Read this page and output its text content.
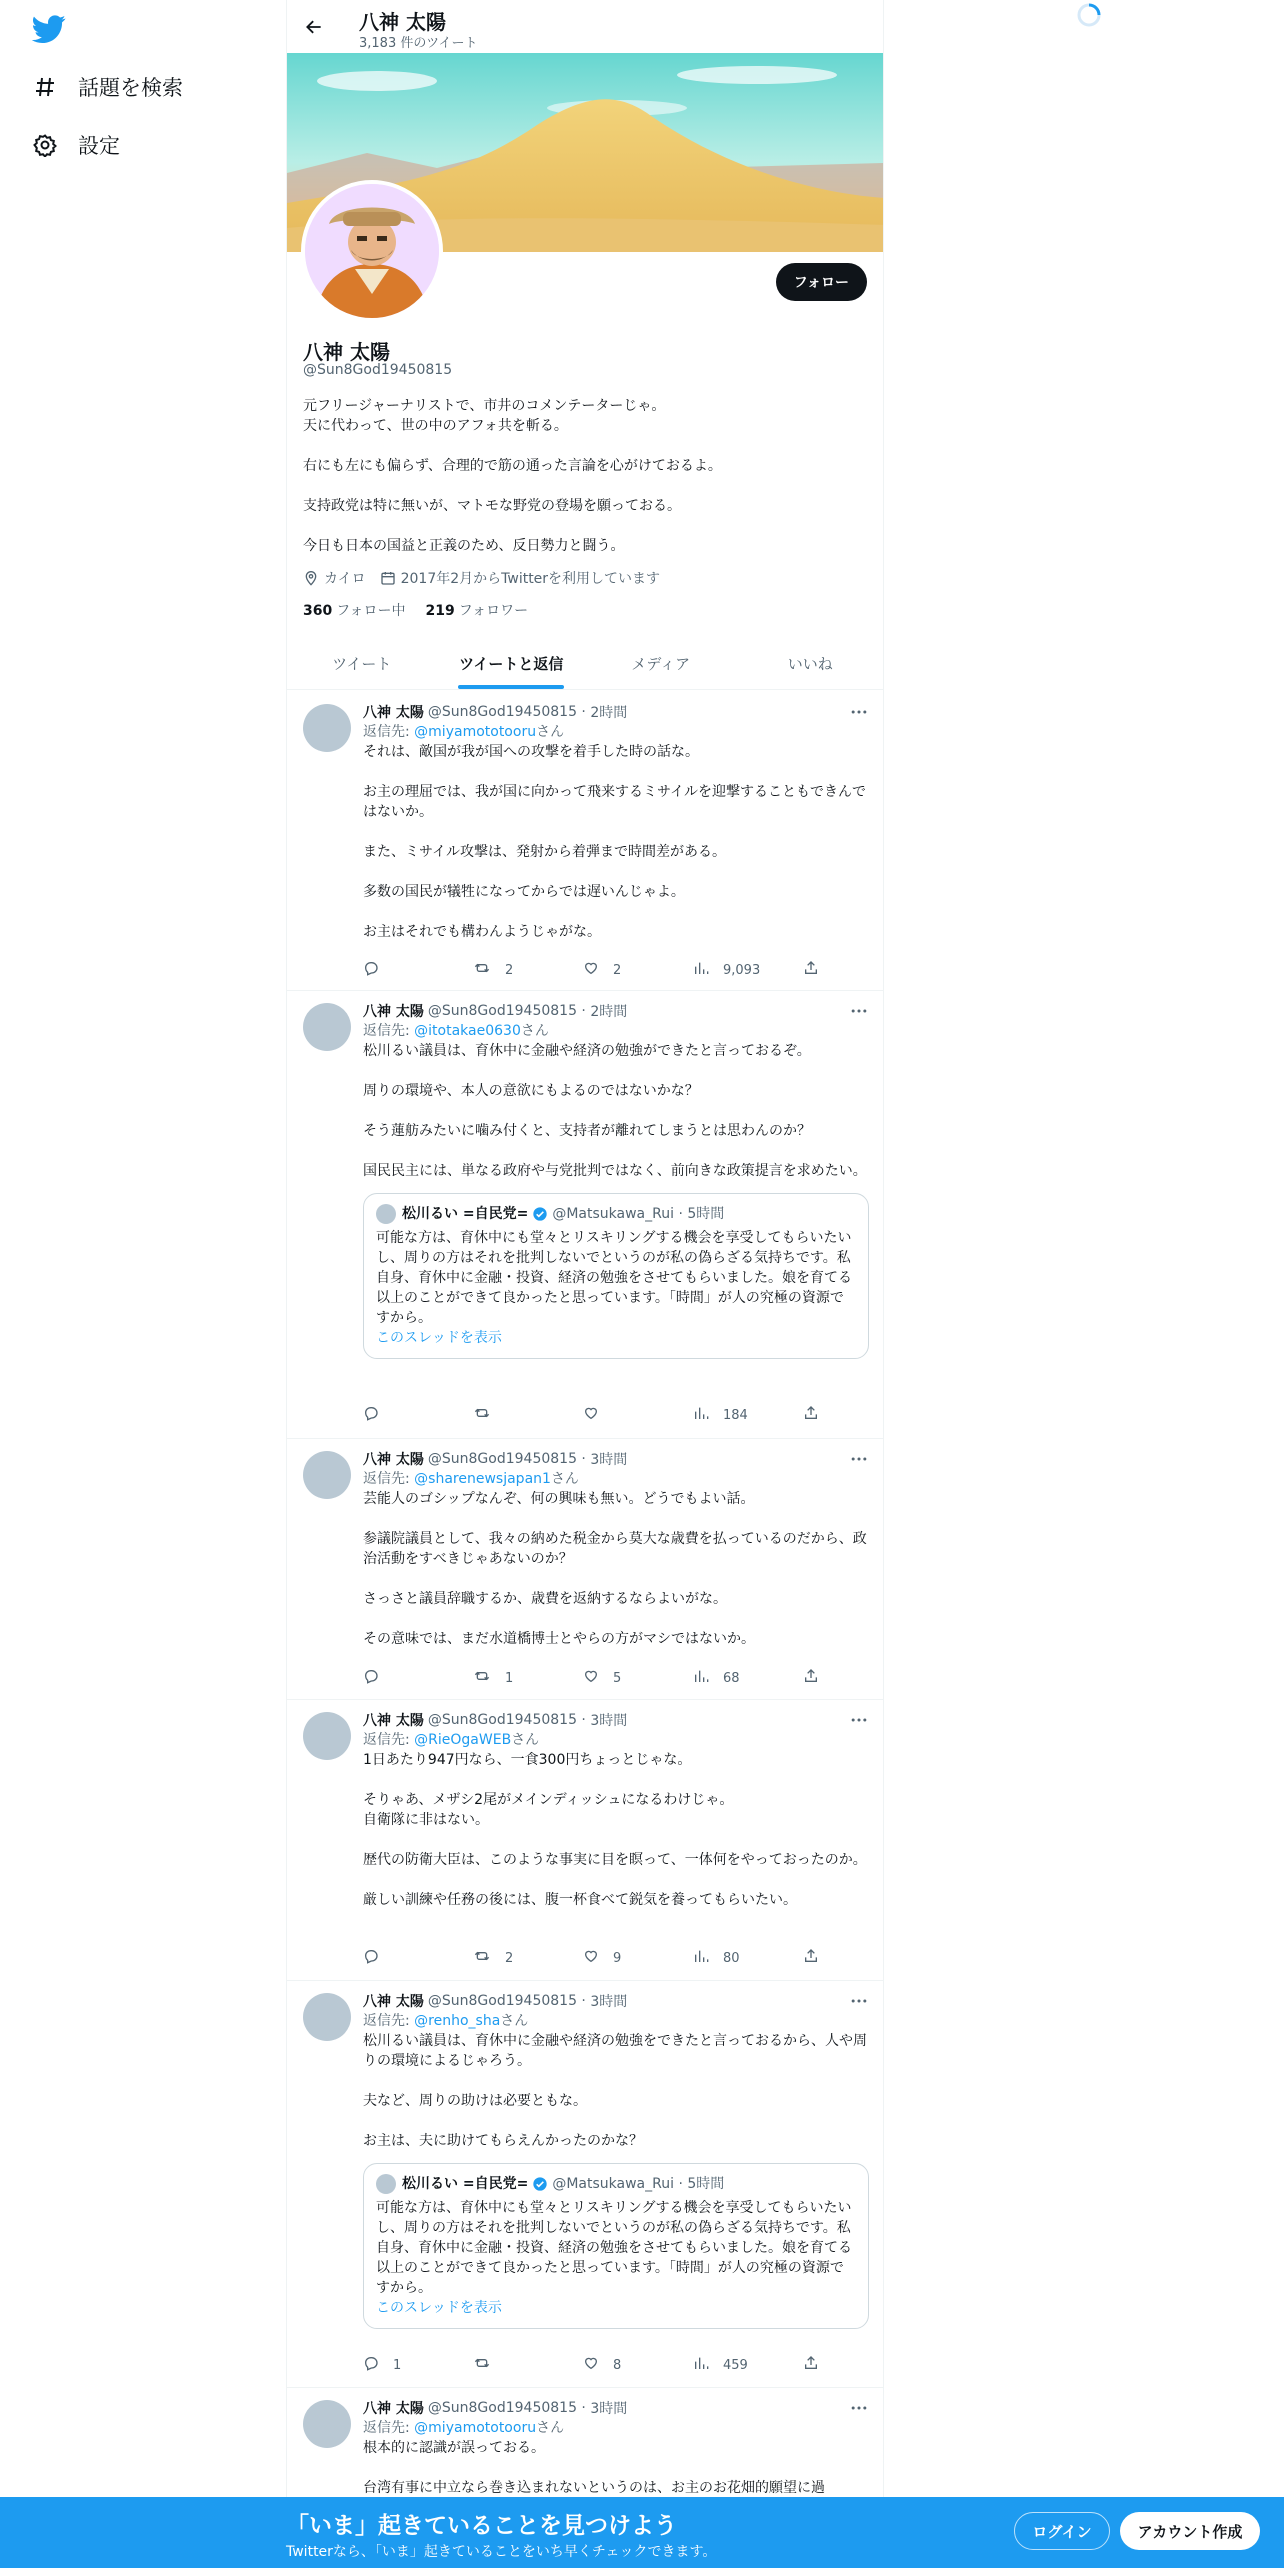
話題を検索
設定
八神 太陽
3,183 件のツイート
フォロー
八神 太陽
@Sun8God19450815

元フリージャーナリストで、市井のコメンテーターじゃ。
天に代わって、世の中のアフォ共を斬る。

右にも左にも偏らず、合理的で筋の通った言論を心がけておるよ。

支持政党は特に無いが、マトモな野党の登場を願っておる。

今日も日本の国益と正義のため、反日勢力と闘う。

カイロ	2017年2月からTwitterを利用しています
360 フォロー中 219 フォロワー
ツイート	ツイートと返信	メディア	いいね
八神 太陽 @Sun8God19450815 · 2時間
返信先: @miyamototooruさん

それは、敵国が我が国への攻撃を着手した時の話な。

お主の理屈では、我が国に向かって飛来するミサイルを迎撃することもできんではないか。

また、ミサイル攻撃は、発射から着弾まで時間差がある。

多数の国民が犠牲になってからでは遅いんじゃよ。

お主はそれでも構わんようじゃがな。

2	2	9,093
八神 太陽 @Sun8God19450815 · 2時間
返信先: @itotakae0630さん

松川るい議員は、育休中に金融や経済の勉強ができたと言っておるぞ。

周りの環境や、本人の意欲にもよるのではないかな？

そう蓮舫みたいに噛み付くと、支持者が離れてしまうとは思わんのか？

国民民主には、単なる政府や与党批判ではなく、前向きな政策提言を求めたい。

松川るい =自民党= @Matsukawa_Rui · 5時間
可能な方は、育休中にも堂々とリスキリングする機会を享受してもらいたいし、周りの方はそれを批判しないでというのが私の偽らざる気持ちです。私自身、育休中に金融・投資、経済の勉強をさせてもらいました。娘を育てる以上のことができて良かったと思っています。「時間」が人の究極の資源ですから。
このスレッドを表示
184
八神 太陽 @Sun8God19450815 · 3時間
返信先: @sharenewsjapan1さん

芸能人のゴシップなんぞ、何の興味も無い。どうでもよい話。

参議院議員として、我々の納めた税金から莫大な歳費を払っているのだから、政治活動をすべきじゃあないのか？

さっさと議員辞職するか、歳費を返納するならよいがな。

その意味では、まだ水道橋博士とやらの方がマシではないか。

1	5	68
八神 太陽 @Sun8God19450815 · 3時間
返信先: @RieOgaWEBさん

1日あたり947円なら、一食300円ちょっとじゃな。

そりゃあ、メザシ2尾がメインディッシュになるわけじゃ。
自衛隊に非はない。

歴代の防衛大臣は、このような事実に目を瞑って、一体何をやっておったのか。

厳しい訓練や任務の後には、腹一杯食べて鋭気を養ってもらいたい。

2	9	80
八神 太陽 @Sun8God19450815 · 3時間
返信先: @renho_shaさん

松川るい議員は、育休中に金融や経済の勉強をできたと言っておるから、人や周りの環境によるじゃろう。

夫など、周りの助けは必要ともな。

お主は、夫に助けてもらえんかったのかな？

松川るい =自民党= @Matsukawa_Rui · 5時間
可能な方は、育休中にも堂々とリスキリングする機会を享受してもらいたいし、周りの方はそれを批判しないでというのが私の偽らざる気持ちです。私自身、育休中に金融・投資、経済の勉強をさせてもらいました。娘を育てる以上のことができて良かったと思っています。「時間」が人の究極の資源ですから。
このスレッドを表示
1	8	459
八神 太陽 @Sun8God19450815 · 3時間
返信先: @miyamototooruさん

根本的に認識が誤っておる。

台湾有事に中立なら巻き込まれないというのは、お主のお花畑的願望に過

「いま」起きていることを見つけよう
Twitterなら、「いま」起きていることをいち早くチェックできます。
ログイン	アカウント作成
